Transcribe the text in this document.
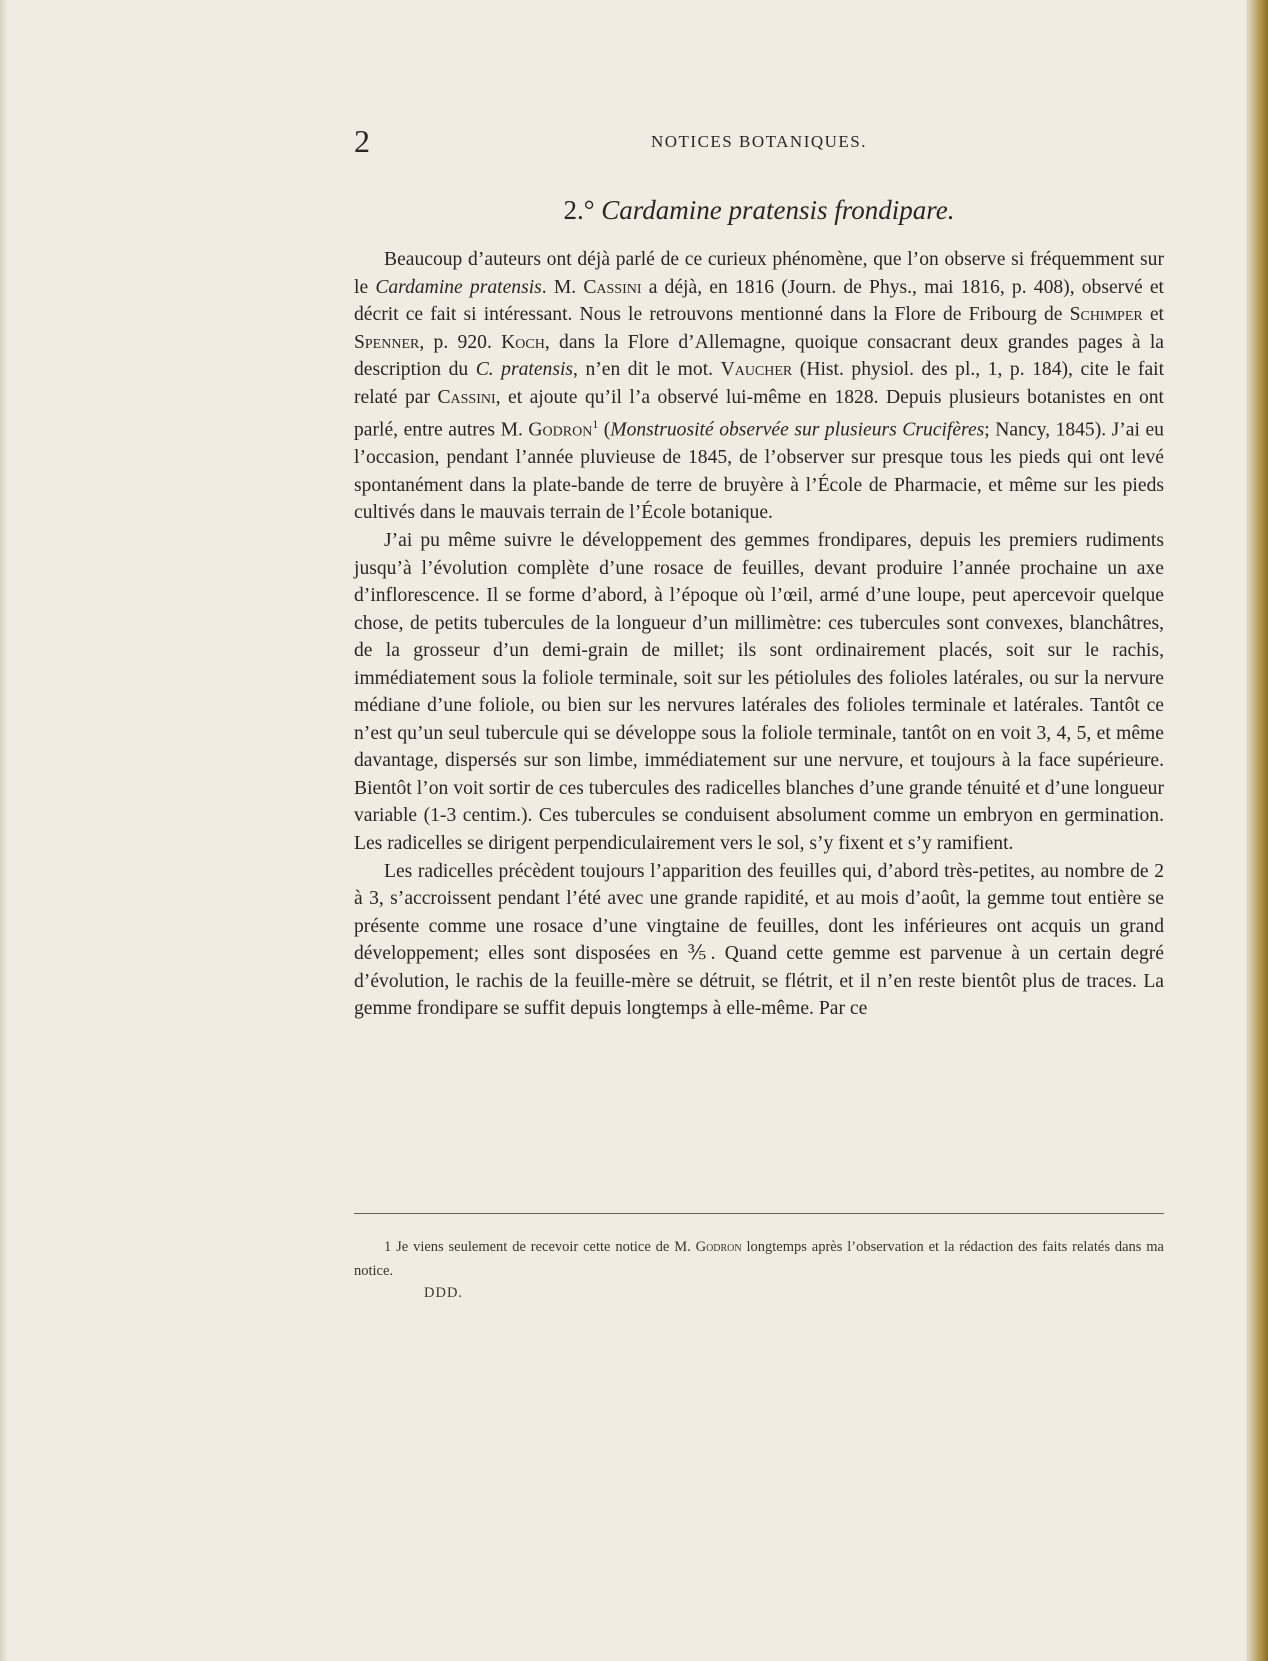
2	NOTICES BOTANIQUES.
2.° Cardamine pratensis frondipare.

Beaucoup d’auteurs ont déjà parlé de ce curieux phénomène, que l’on observe si fréquemment sur le Cardamine pratensis. M. Cassini a déjà, en 1816 (Journ. de Phys., mai 1816, p. 408), observé et décrit ce fait si intéressant. Nous le retrouvons mentionné dans la Flore de Fribourg de Schimper et Spenner, p. 920. Koch, dans la Flore d’Allemagne, quoique consacrant deux grandes pages à la description du C. pratensis, n’en dit le mot. Vaucher (Hist. physiol. des pl., 1, p. 184), cite le fait relaté par Cassini, et ajoute qu’il l’a observé lui-même en 1828. Depuis plusieurs botanistes en ont parlé, entre autres M. Godron$^1$ (Monstruosité observée sur plusieurs Crucifères; Nancy, 1845). J’ai eu l’occasion, pendant l’année pluvieuse de 1845, de l’observer sur presque tous les pieds qui ont levé spontanément dans la plate-bande de terre de bruyère à l’École de Pharmacie, et même sur les pieds cultivés dans le mauvais terrain de l’École botanique.

J’ai pu même suivre le développement des gemmes frondipares, depuis les premiers rudiments jusqu’à l’évolution complète d’une rosace de feuilles, devant produire l’année prochaine un axe d’inflorescence. Il se forme d’abord, à l’époque où l’œil, armé d’une loupe, peut apercevoir quelque chose, de petits tubercules de la longueur d’un millimètre: ces tubercules sont convexes, blanchâtres, de la grosseur d’un demi-grain de millet; ils sont ordinairement placés, soit sur le rachis, immédiatement sous la foliole terminale, soit sur les pétiolules des folioles latérales, ou sur la nervure médiane d’une foliole, ou bien sur les nervures latérales des folioles terminale et latérales. Tantôt ce n’est qu’un seul tubercule qui se développe sous la foliole terminale, tantôt on en voit 3, 4, 5, et même davantage, dispersés sur son limbe, immédiatement sur une nervure, et toujours à la face supérieure. Bientôt l’on voit sortir de ces tubercules des radicelles blanches d’une grande ténuité et d’une longueur variable (1-3 centim.). Ces tubercules se conduisent absolument comme un embryon en germination. Les radicelles se dirigent perpendiculairement vers le sol, s’y fixent et s’y ramifient.

Les radicelles précèdent toujours l’apparition des feuilles qui, d’abord très-petites, au nombre de 2 à 3, s’accroissent pendant l’été avec une grande rapidité, et au mois d’août, la gemme tout entière se présente comme une rosace d’une vingtaine de feuilles, dont les inférieures ont acquis un grand développement; elles sont disposées en ⅗. Quand cette gemme est parvenue à un certain degré d’évolution, le rachis de la feuille-mère se détruit, se flétrit, et il n’en reste bientôt plus de traces. La gemme frondipare se suffit depuis longtemps à elle-même. Par ce

1 Je viens seulement de recevoir cette notice de M. Godron longtemps après l’observation et la rédaction des faits relatés dans ma notice.

DDD.
